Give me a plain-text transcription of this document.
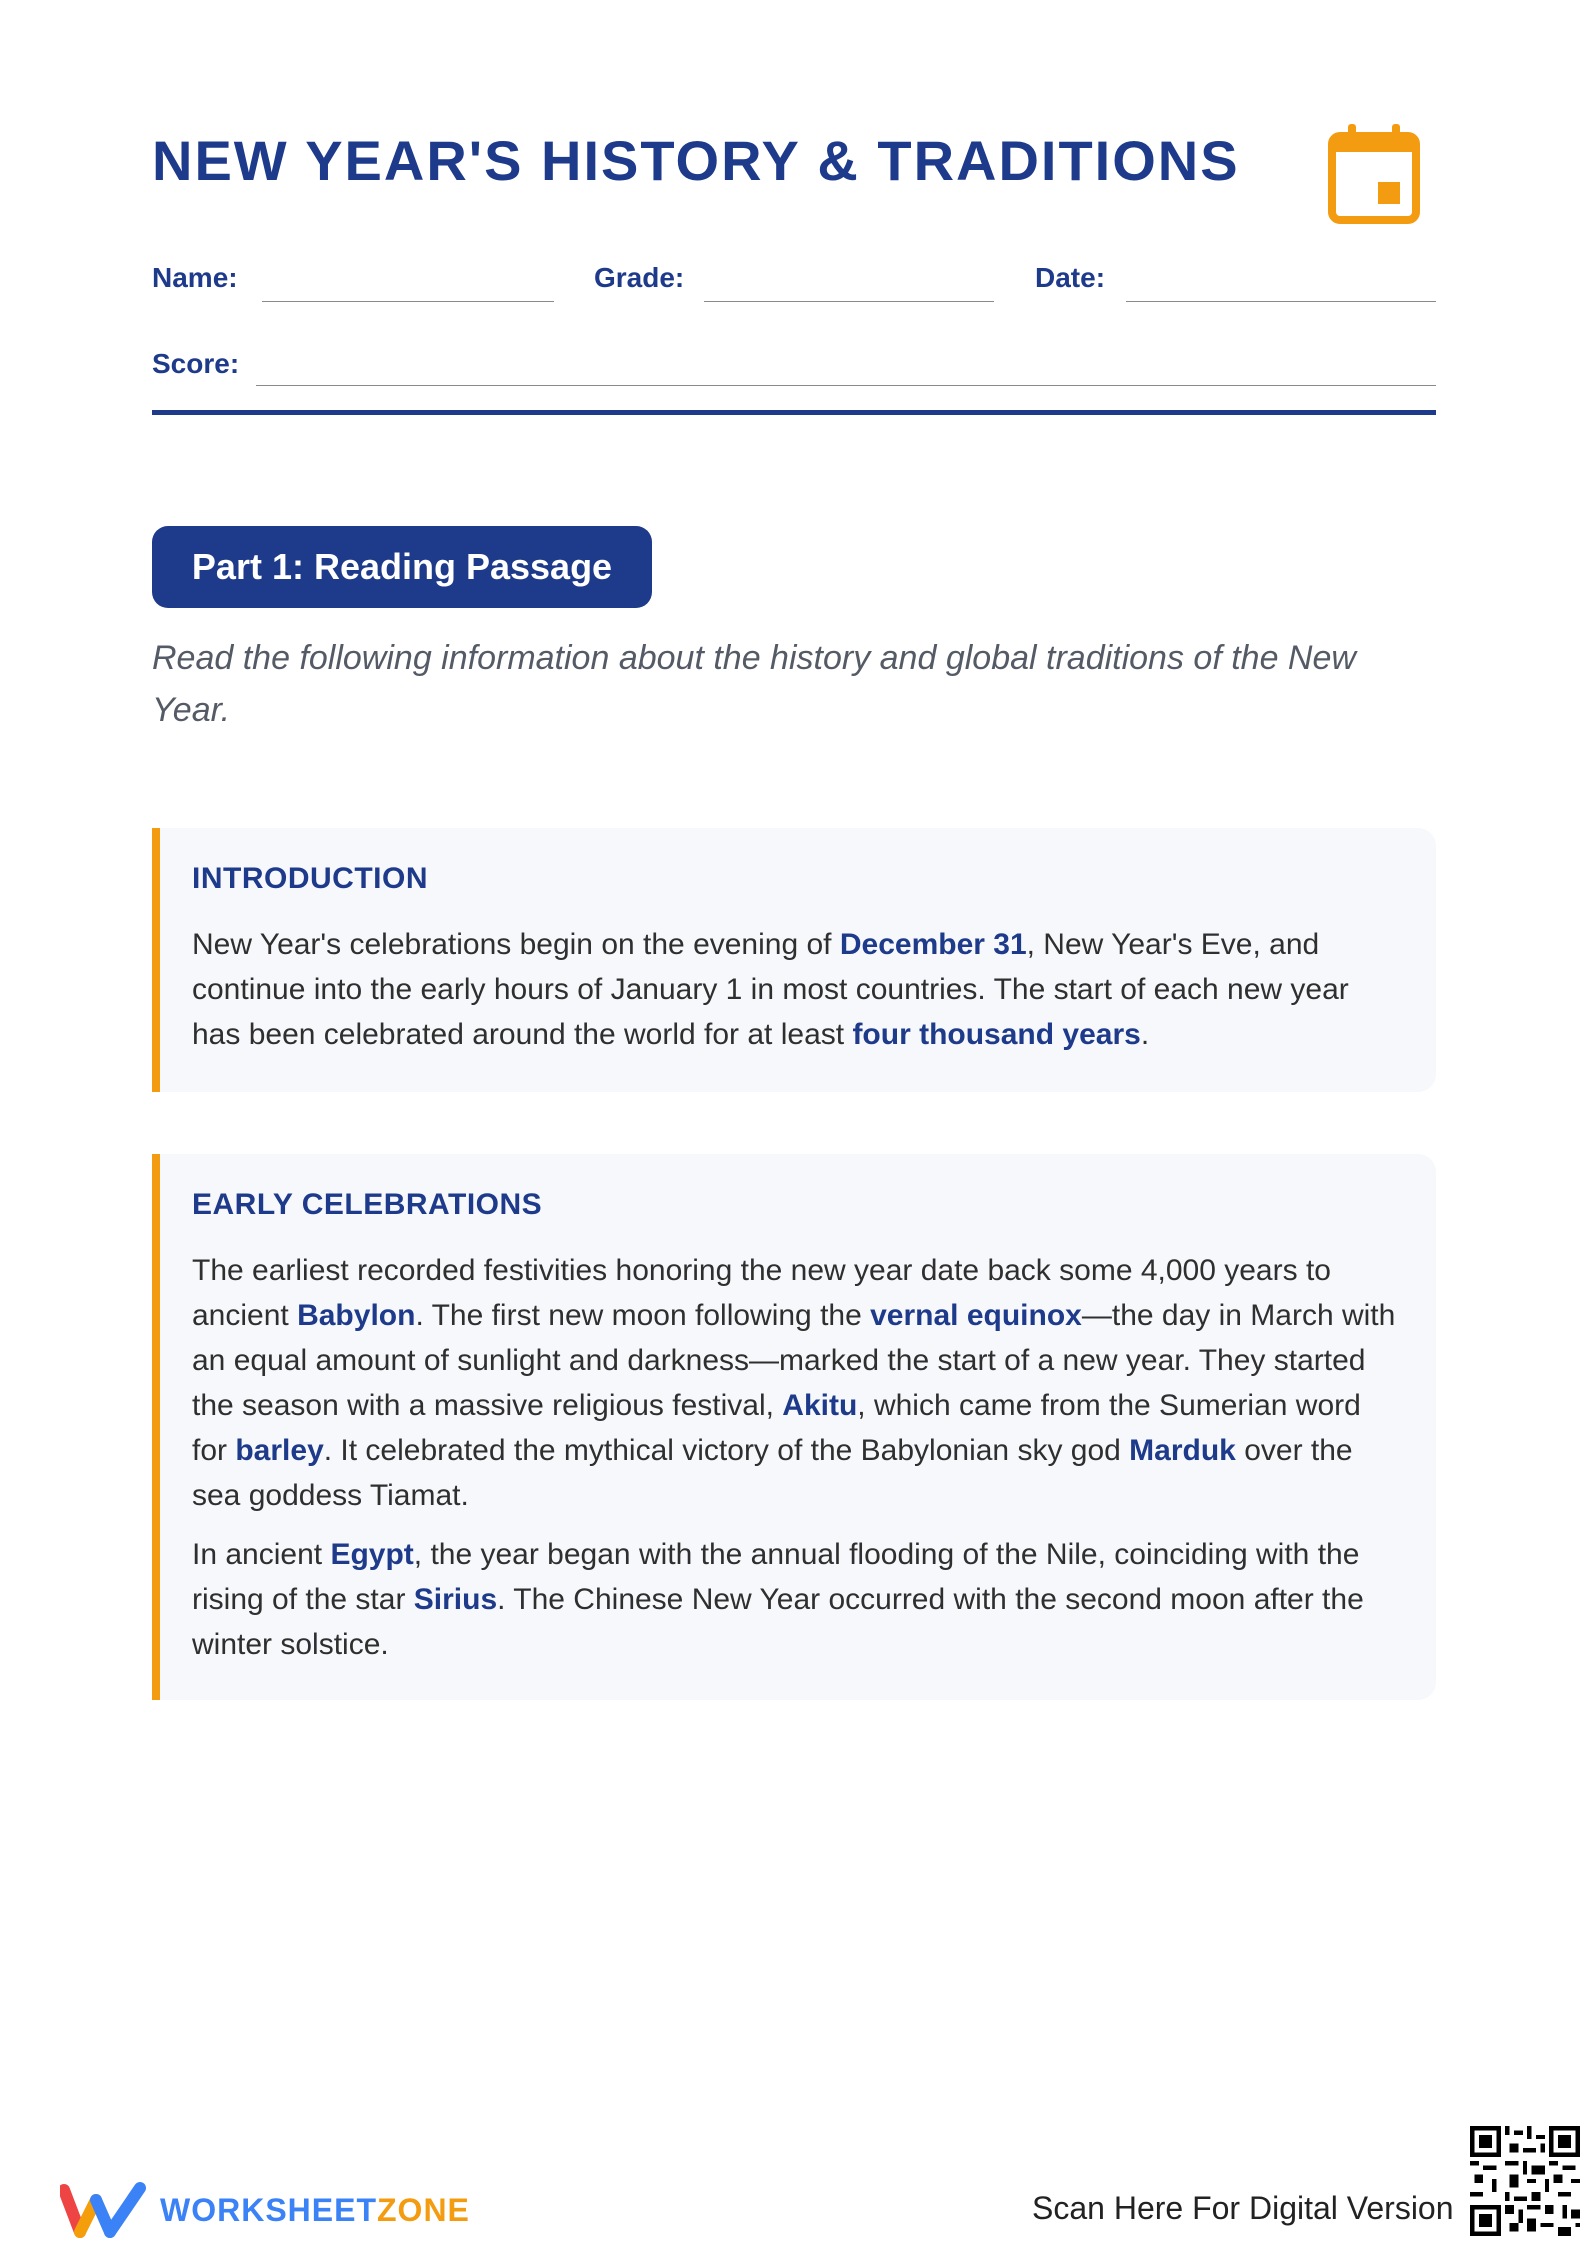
NEW YEAR'S HISTORY & TRADITIONS
Name:	Grade:	Date:
Score:
Part 1: Reading Passage
Read the following information about the history and global traditions of the New Year.
INTRODUCTION

New Year's celebrations begin on the evening of December 31, New Year's Eve, and continue into the early hours of January 1 in most countries. The start of each new year has been celebrated around the world for at least four thousand years.

EARLY CELEBRATIONS

The earliest recorded festivities honoring the new year date back some 4,000 years to ancient Babylon. The first new moon following the vernal equinox—the day in March with an equal amount of sunlight and darkness—marked the start of a new year. They started the season with a massive religious festival, Akitu, which came from the Sumerian word for barley. It celebrated the mythical victory of the Babylonian sky god Marduk over the sea goddess Tiamat.

In ancient Egypt, the year began with the annual flooding of the Nile, coinciding with the rising of the star Sirius. The Chinese New Year occurred with the second moon after the winter solstice.

WORKSHEETZONE	Scan Here For Digital Version
